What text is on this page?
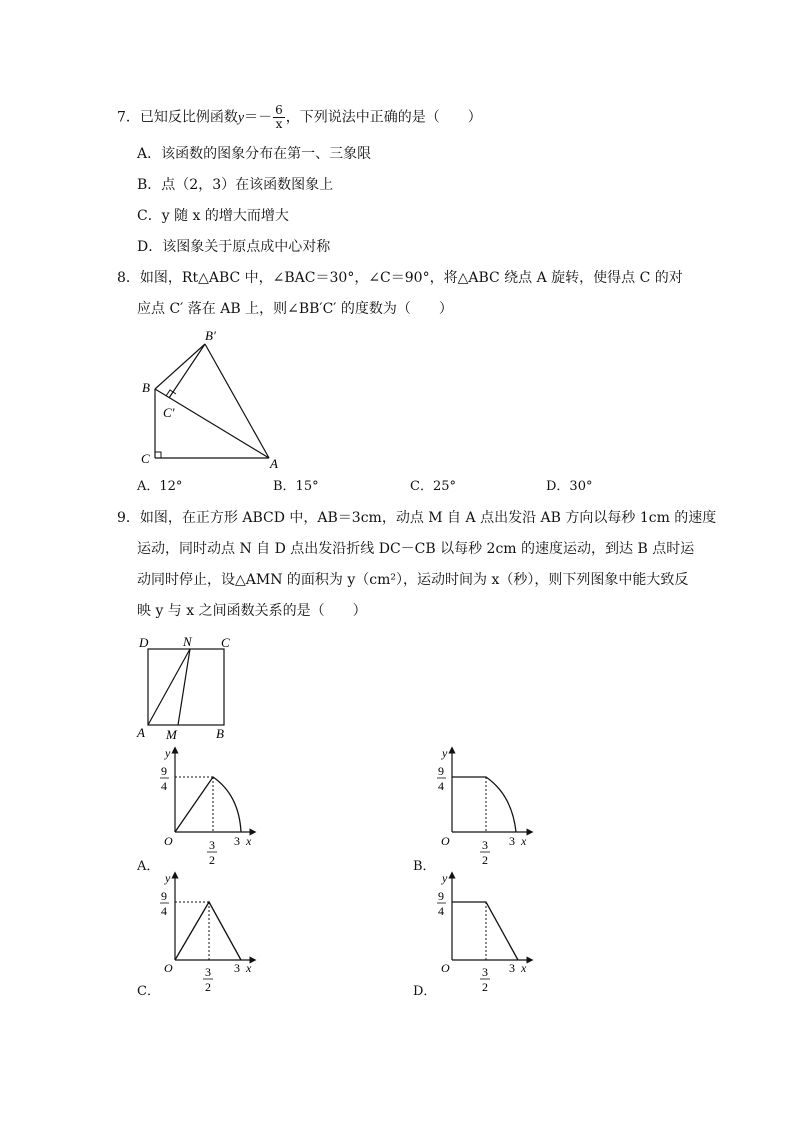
7．已知反比例函数$y=- \frac{6}{x}$ ，下列说法中正确的是（　　）
A．该函数的图象分布在第一、三象限
B．点（2，3）在该函数图象上
C．y 随 x 的增大而增大
D．该图象关于原点成中心对称
8．如图，Rt△ABC 中，∠BAC＝30°，∠C＝90°，将△ABC 绕点 A 旋转，使得点 C 的对
应点 C′ 落在 AB 上，则∠BB′C′ 的度数为（　　）
B′
B
C′
C	A
A．12°	B．15°	C．25°	D．30°
9．如图，在正方形 ABCD 中，AB＝3cm，动点 M 自 A 点出发沿 AB 方向以每秒 1cm 的速度
运动，同时动点 N 自 D 点出发沿折线 DC－CB 以每秒 2cm 的速度运动，到达 B 点时运
动同时停止，设△AMN 的面积为 y（cm²），运动时间为 x（秒），则下列图象中能大致反
映 y 与 x 之间函数关系的是（　　）
D	N C
A M	B
y
9
4
O	3
2
3 x
A．
y
9
4
O	3
2
3 x
B．
y
9
4
O	3
2
3 x
C．
y
9
4
O	3
2
3 x
D．
